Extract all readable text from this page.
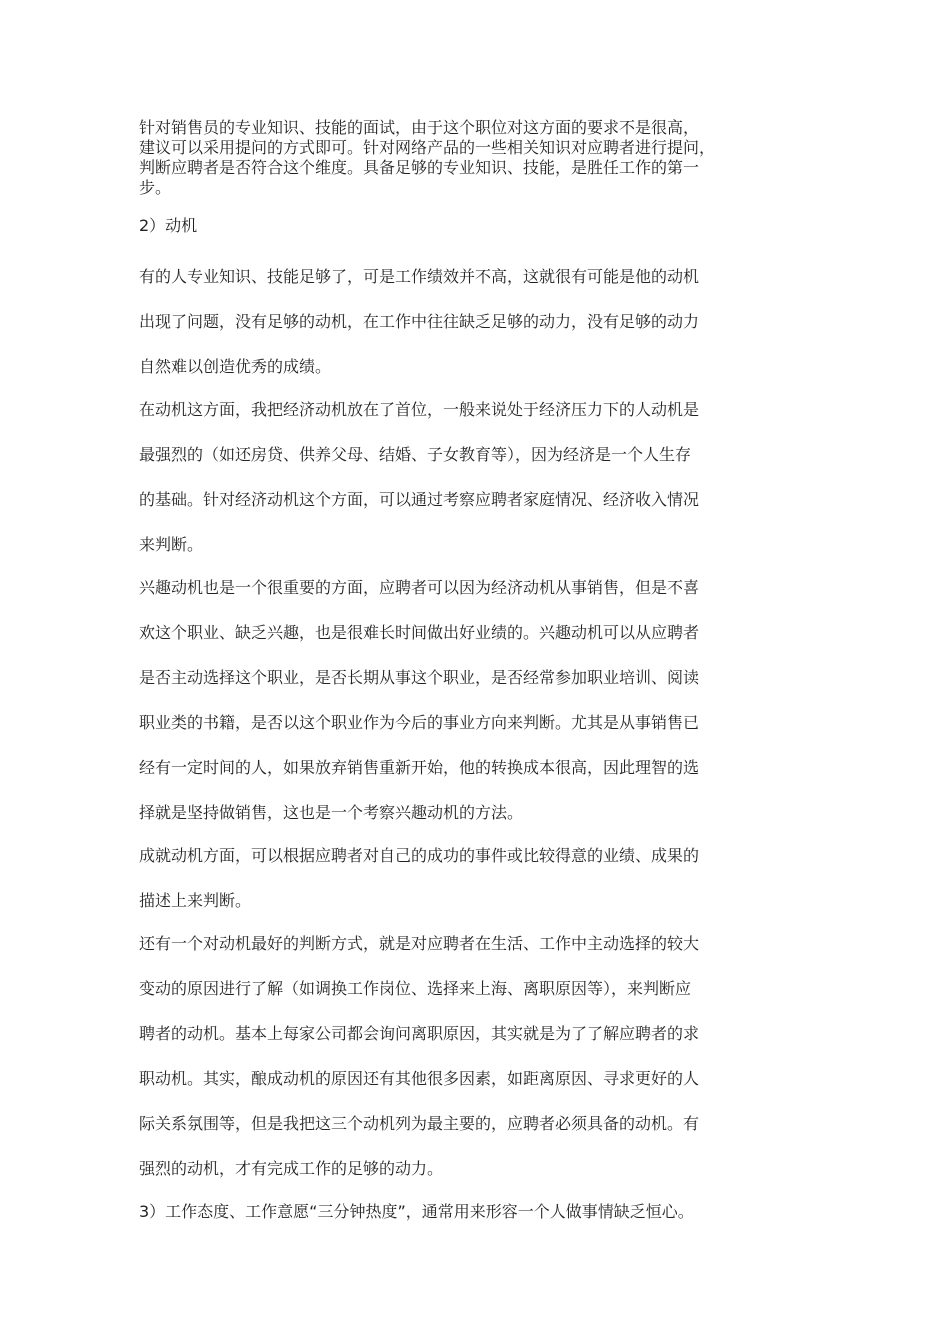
针对销售员的专业知识、技能的面试，由于这个职位对这方面的要求不是很高，
建议可以采用提问的方式即可。针对网络产品的一些相关知识对应聘者进行提问，
判断应聘者是否符合这个维度。具备足够的专业知识、技能，是胜任工作的第一
步。
2）动机
有的人专业知识、技能足够了，可是工作绩效并不高，这就很有可能是他的动机
出现了问题，没有足够的动机，在工作中往往缺乏足够的动力，没有足够的动力
自然难以创造优秀的成绩。
在动机这方面，我把经济动机放在了首位，一般来说处于经济压力下的人动机是
最强烈的（如还房贷、供养父母、结婚、子女教育等），因为经济是一个人生存
的基础。针对经济动机这个方面，可以通过考察应聘者家庭情况、经济收入情况
来判断。
兴趣动机也是一个很重要的方面，应聘者可以因为经济动机从事销售，但是不喜
欢这个职业、缺乏兴趣，也是很难长时间做出好业绩的。兴趣动机可以从应聘者
是否主动选择这个职业，是否长期从事这个职业，是否经常参加职业培训、阅读
职业类的书籍，是否以这个职业作为今后的事业方向来判断。尤其是从事销售已
经有一定时间的人，如果放弃销售重新开始，他的转换成本很高，因此理智的选
择就是坚持做销售，这也是一个考察兴趣动机的方法。
成就动机方面，可以根据应聘者对自己的成功的事件或比较得意的业绩、成果的
描述上来判断。
还有一个对动机最好的判断方式，就是对应聘者在生活、工作中主动选择的较大
变动的原因进行了解（如调换工作岗位、选择来上海、离职原因等），来判断应
聘者的动机。基本上每家公司都会询问离职原因，其实就是为了了解应聘者的求
职动机。其实，酿成动机的原因还有其他很多因素，如距离原因、寻求更好的人
际关系氛围等，但是我把这三个动机列为最主要的，应聘者必须具备的动机。有
强烈的动机，才有完成工作的足够的动力。
3）工作态度、工作意愿“三分钟热度”，通常用来形容一个人做事情缺乏恒心。
